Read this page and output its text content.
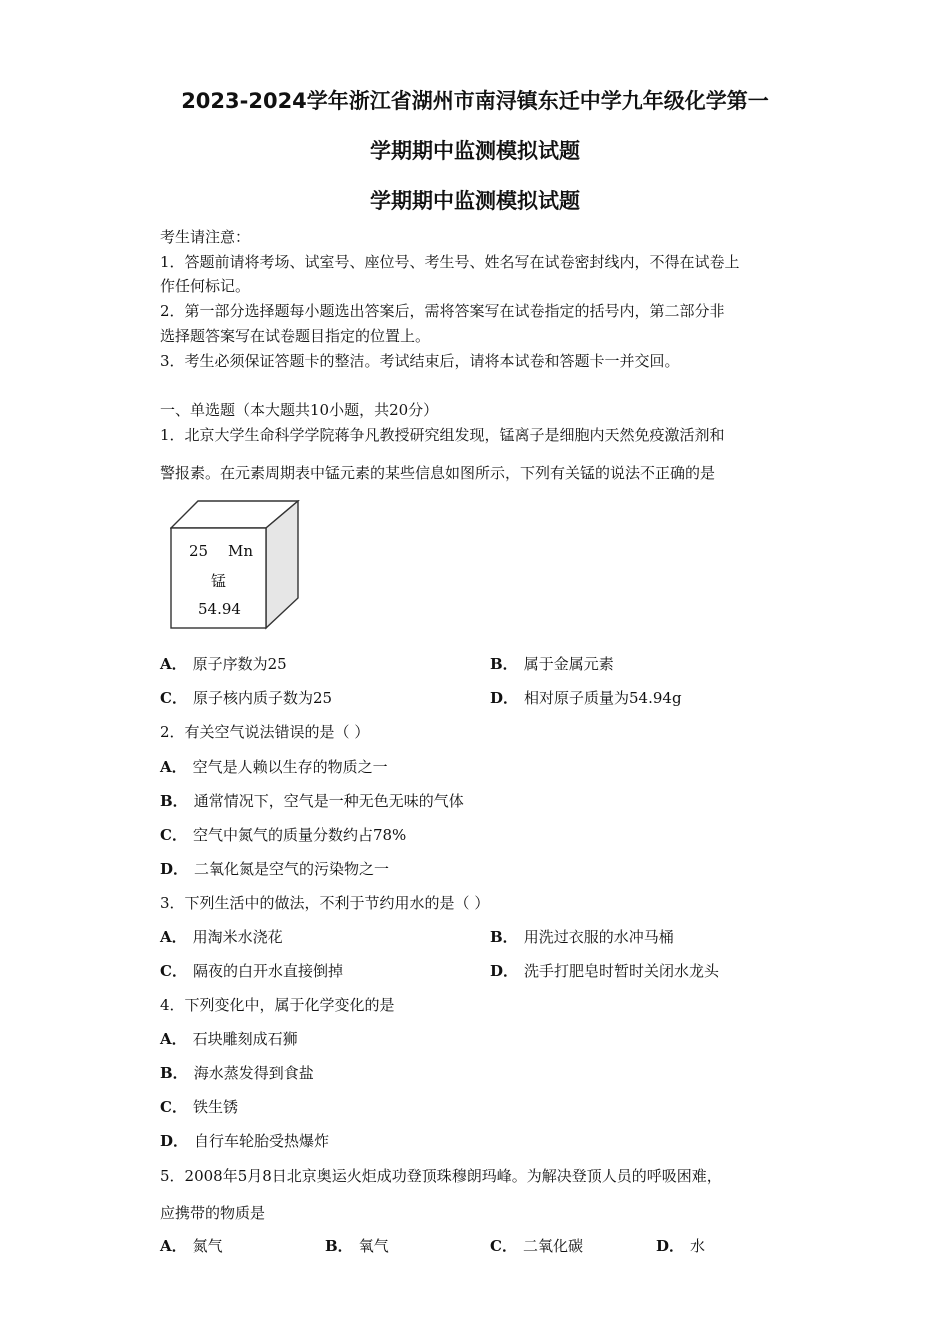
2023-2024学年浙江省湖州市南浔镇东迁中学九年级化学第一
学期期中监测模拟试题
学期期中监测模拟试题
考生请注意：
1．答题前请将考场、试室号、座位号、考生号、姓名写在试卷密封线内，不得在试卷上
作任何标记。
2．第一部分选择题每小题选出答案后，需将答案写在试卷指定的括号内，第二部分非
选择题答案写在试卷题目指定的位置上。
3．考生必须保证答题卡的整洁。考试结束后，请将本试卷和答题卡一并交回。
一、单选题（本大题共10小题，共20分）
1．北京大学生命科学学院蒋争凡教授研究组发现，锰离子是细胞内天然免疫激活剂和
警报素。在元素周期表中锰元素的某些信息如图所示，下列有关锰的说法不正确的是
25 Mn
锰
54.94
A． 原子序数为25	B． 属于金属元素
C． 原子核内质子数为25	D． 相对原子质量为54.94g
2．有关空气说法错误的是（ ）
A． 空气是人赖以生存的物质之一
B． 通常情况下，空气是一种无色无味的气体
C． 空气中氮气的质量分数约占78%
D． 二氧化氮是空气的污染物之一
3．下列生活中的做法，不利于节约用水的是（ ）
A． 用淘米水浇花	B． 用洗过衣服的水冲马桶
C． 隔夜的白开水直接倒掉	D． 洗手打肥皂时暂时关闭水龙头
4．下列变化中，属于化学变化的是
A． 石块雕刻成石狮
B． 海水蒸发得到食盐
C． 铁生锈
D． 自行车轮胎受热爆炸
5．2008年5月8日北京奥运火炬成功登顶珠穆朗玛峰。为解决登顶人员的呼吸困难，
应携带的物质是
A． 氮气	B． 氧气	C． 二氧化碳	D． 水
